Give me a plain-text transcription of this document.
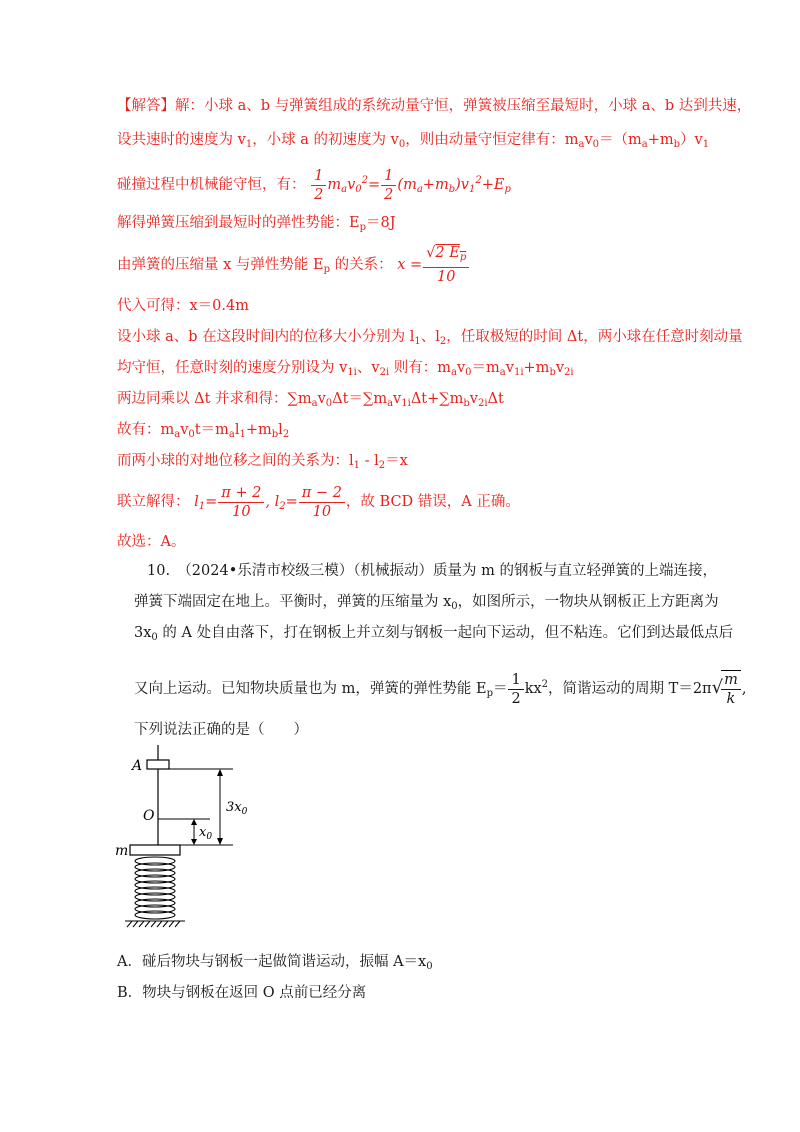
【解答】解：小球 a、b 与弹簧组成的系统动量守恒，弹簧被压缩至最短时，小球 a、b 达到共速，
设共速时的速度为 $v_1$，小球 a 的初速度为 $v_0$，则由动量守恒定律有：$m_av_0=(m_a+m_b)v_1$
碰撞过程中机械能守恒，有： $\frac{1}{2} m_av_0^2= \frac{1}{2} (m_a+m_b)v_1^2+E_p$
解得弹簧压缩到最短时的弹性势能：$E_p=8J$
由弹簧的压缩量 x 与弹性势能 $E_p$ 的关系： $x = \frac{√2 E_p}{10}$
代入可得：x＝0.4m
设小球 a、b 在这段时间内的位移大小分别为 $l_1$、$l_2$，任取极短的时间 Δt，两小球在任意时刻动量
均守恒，任意时刻的速度分别设为 $v_{1i}$、$v_{2i}$ 则有：$m_av_0=m_av_{1i}+m_bv_{2i}$
两边同乘以 Δt 并求和得：$\sum m_av_0\Delta t=\sum m_av_{1i}\Delta t+\sum m_bv_{2i}\Delta t$
故有：$m_av_0t=m_al_1+m_bl_2$
而两小球的对地位移之间的关系为：$l_1 - l_2=x$
联立解得： $l_1= \frac{\pi + 2}{10}$ , $l_2= \frac{\pi - 2}{10}$ ，故 BCD 错误，A 正确。
故选：A。
10.　（2024•乐清市校级三模）（机械振动）质量为 m 的钢板与直立轻弹簧的上端连接，
弹簧下端固定在地上。平衡时，弹簧的压缩量为 $x_0$，如图所示，一物块从钢板正上方距离为
$3x_0$ 的 A 处自由落下，打在钢板上并立刻与钢板一起向下运动，但不粘连。它们到达最低点后
又向上运动。已知物块质量也为 m，弹簧的弹性势能 $E_p= \frac{1}{2} kx^2$，简谐运动的周期 T＝2π√
$\frac{m}{k}$ ,
下列说法正确的是（　　）
A
O
m
$3x_0$
$x_0$
A．碰后物块与钢板一起做简谐运动，振幅 $A=x_0$
B．物块与钢板在返回 O 点前已经分离
